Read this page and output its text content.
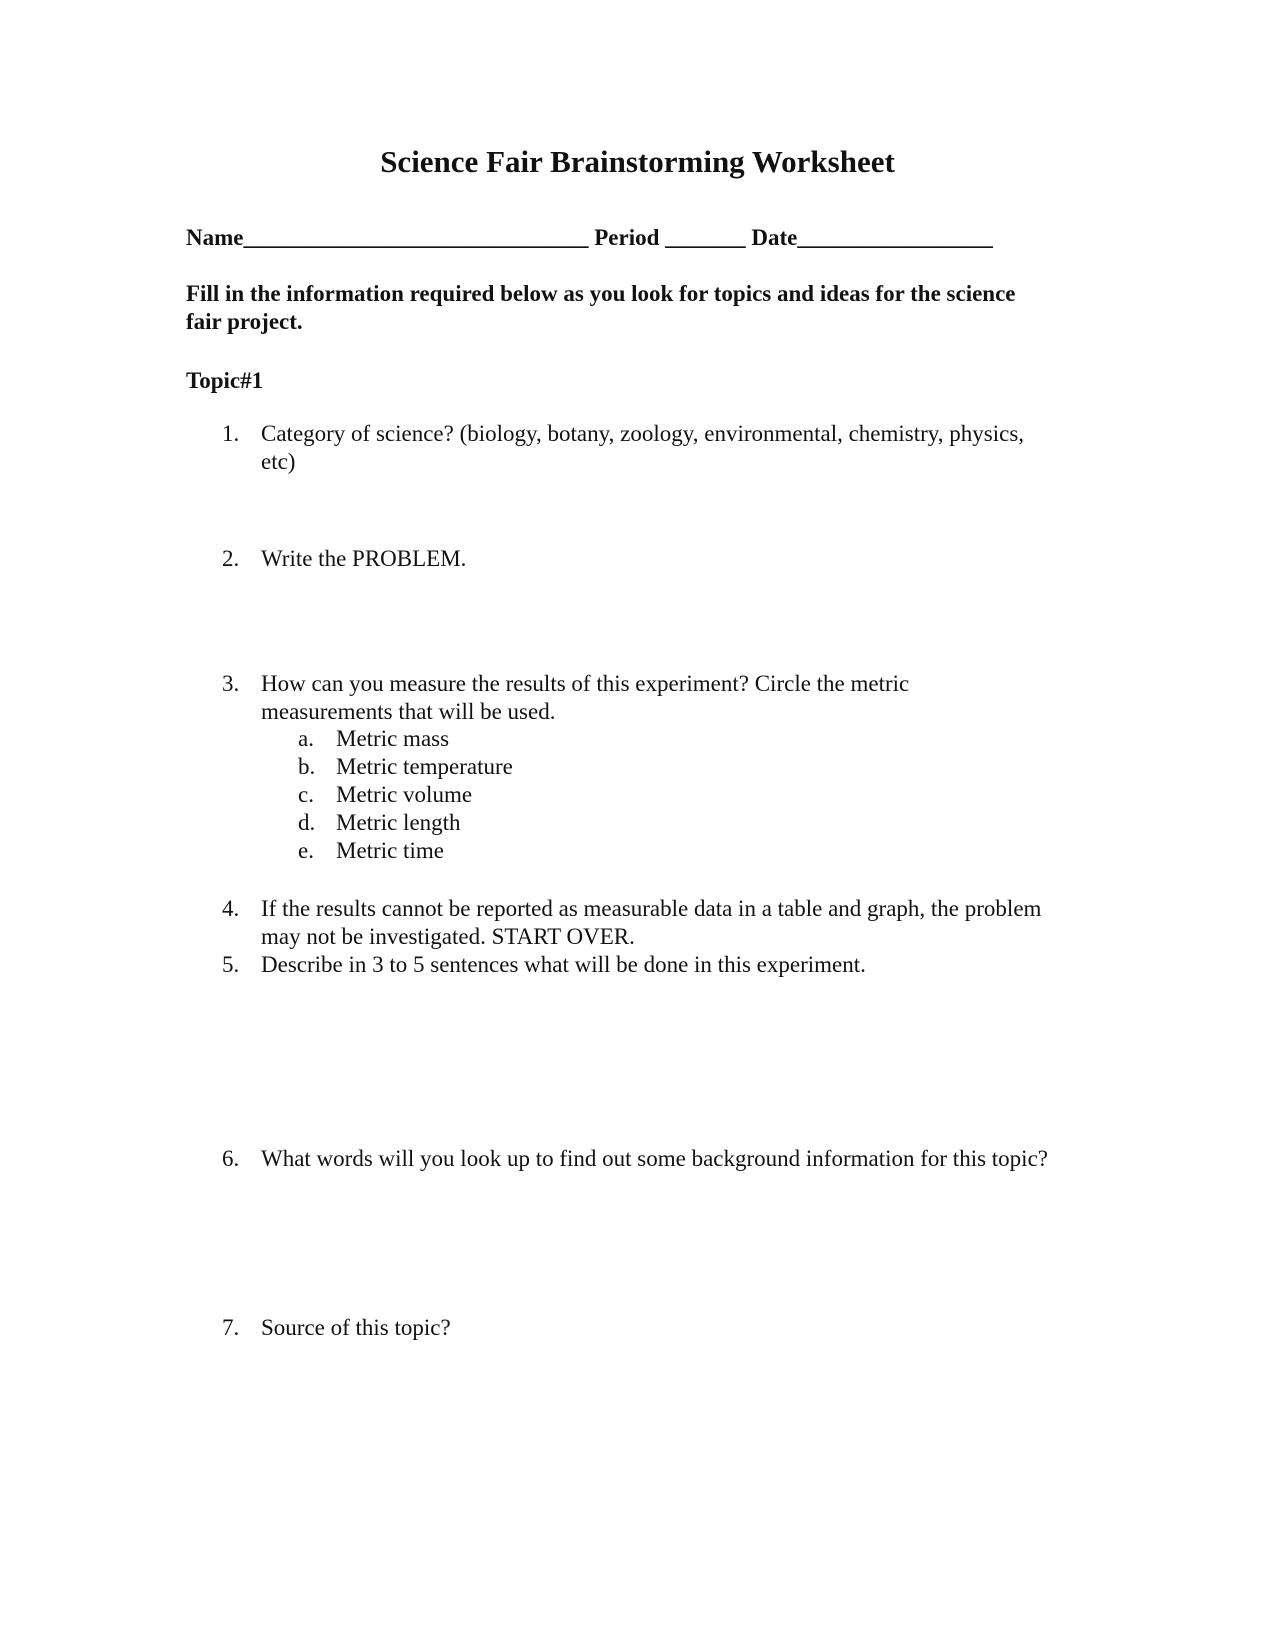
Science Fair Brainstorming Worksheet
Name______________________________ Period _______ Date_________________
Fill in the information required below as you look for topics and ideas for the science fair project.
Topic#1
1. Category of science? (biology, botany, zoology, environmental, chemistry, physics, etc)
2. Write the PROBLEM.
3. How can you measure the results of this experiment? Circle the metric measurements that will be used.
a. Metric mass
b. Metric temperature
c. Metric volume
d. Metric length
e. Metric time
4. If the results cannot be reported as measurable data in a table and graph, the problem may not be investigated. START OVER.
5. Describe in 3 to 5 sentences what will be done in this experiment.
6. What words will you look up to find out some background information for this topic?
7. Source of this topic?
